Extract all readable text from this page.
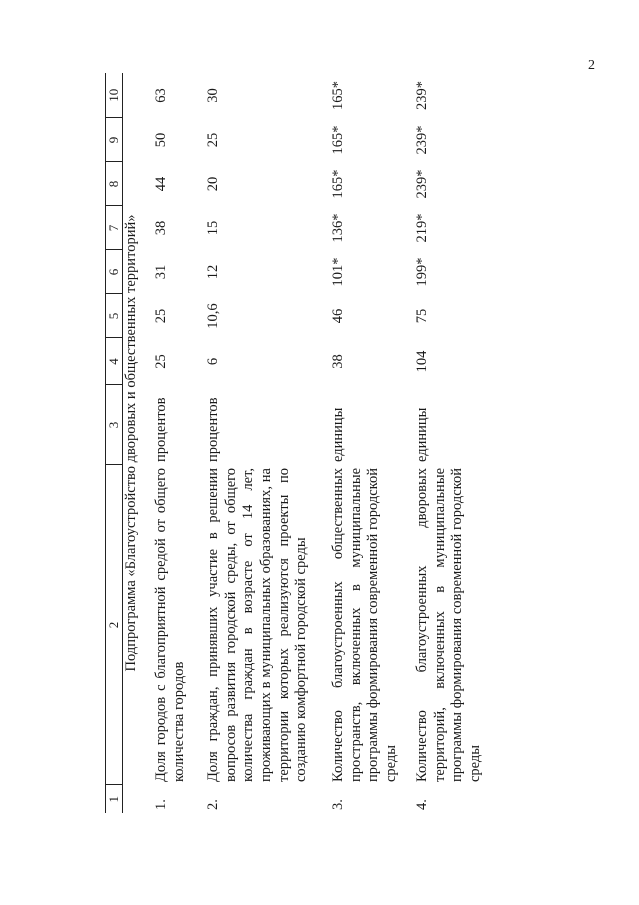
2
1	2	3	4	5	6	7	8	9	10
Подпрограмма «Благоустройство дворовых и общественных территорий»									
1.	Доля городов с благоприятной средой от общего количества городов	процентов	25	25	31	38	44	50	63
2.	Доля граждан, принявших участие в решении вопросов развития городской среды, от общего количества граждан в возрасте от 14 лет, проживающих в муниципальных образованиях, на территории которых реализуются проекты по созданию комфортной городской среды	процентов	6	10,6	12	15	20	25	30
3.	Количество благоустроенных общественных пространств, включенных в муниципальные программы формирования современной городской среды	единицы	38	46	101*	136*	165*	165*	165*
4.	Количество благоустроенных дворовых территорий, включенных в муниципальные программы формирования современной городской среды	единицы	104	75	199*	219*	239*	239*	239*
